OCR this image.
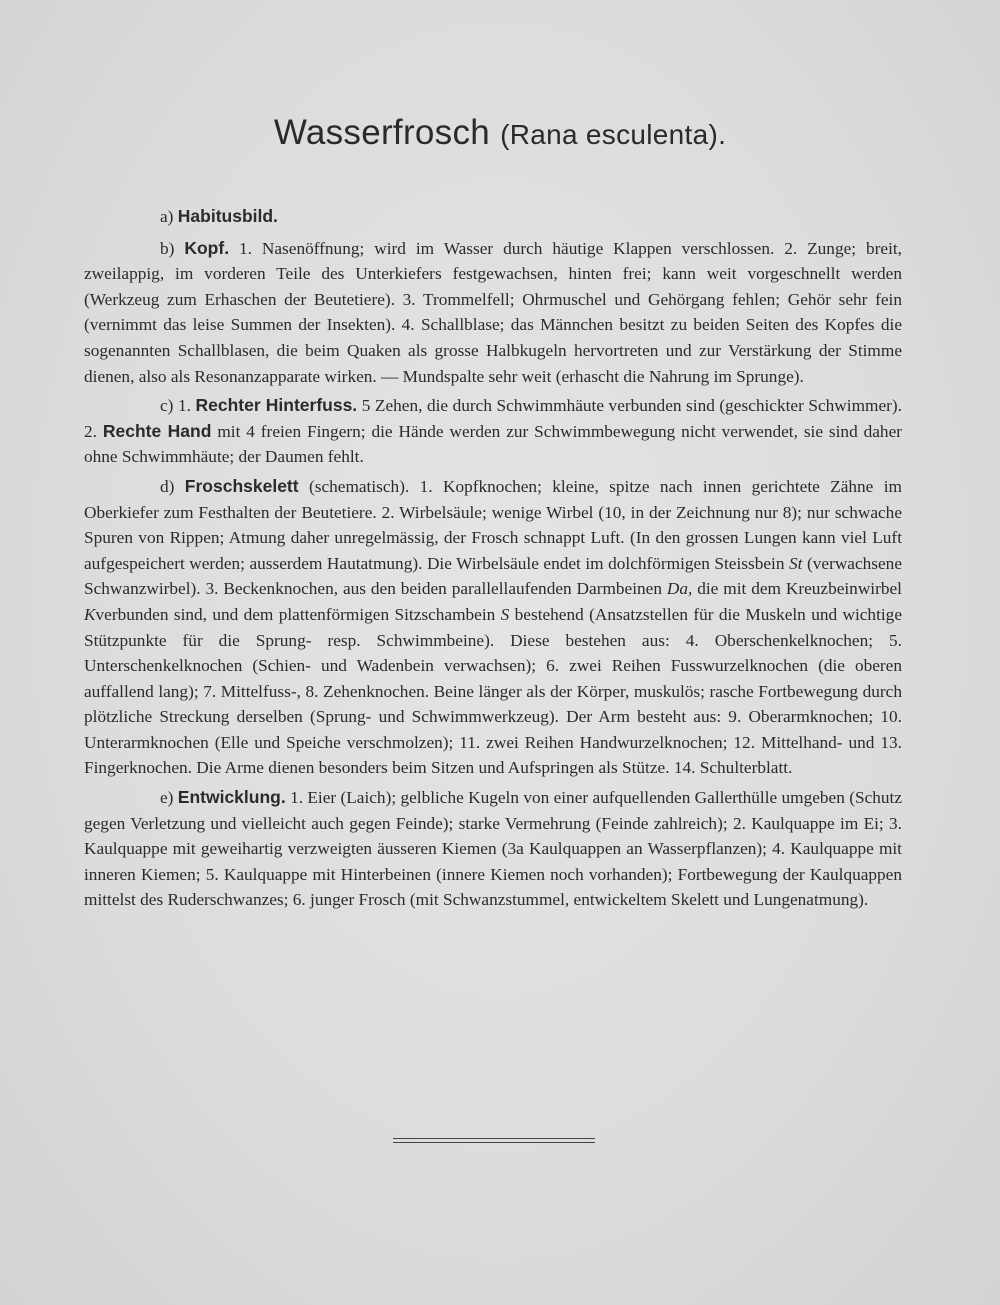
Wasserfrosch (Rana esculenta).

a) Habitusbild.

b) Kopf. 1. Nasenöffnung; wird im Wasser durch häutige Klappen verschlossen. 2. Zunge; breit, zweilappig, im vorderen Teile des Unterkiefers festgewachsen, hinten frei; kann weit vorgeschnellt werden (Werkzeug zum Erhaschen der Beutetiere). 3. Trommelfell; Ohrmuschel und Gehörgang fehlen; Gehör sehr fein (vernimmt das leise Summen der Insekten). 4. Schallblase; das Männchen besitzt zu beiden Seiten des Kopfes die sogenannten Schallblasen, die beim Quaken als grosse Halbkugeln hervortreten und zur Verstärkung der Stimme dienen, also als Resonanzapparate wirken. — Mundspalte sehr weit (erhascht die Nahrung im Sprunge).

c) 1. Rechter Hinterfuss. 5 Zehen, die durch Schwimmhäute verbunden sind (geschickter Schwimmer). 2. Rechte Hand mit 4 freien Fingern; die Hände werden zur Schwimmbewegung nicht verwendet, sie sind daher ohne Schwimmhäute; der Daumen fehlt.

d) Froschskelett (schematisch). 1. Kopfknochen; kleine, spitze nach innen gerichtete Zähne im Oberkiefer zum Festhalten der Beutetiere. 2. Wirbelsäule; wenige Wirbel (10, in der Zeichnung nur 8); nur schwache Spuren von Rippen; Atmung daher unregelmässig, der Frosch schnappt Luft. (In den grossen Lungen kann viel Luft aufgespeichert werden; ausserdem Hautatmung). Die Wirbelsäule endet im dolchförmigen Steissbein St (verwachsene Schwanzwirbel). 3. Beckenknochen, aus den beiden parallellaufenden Darmbeinen Da, die mit dem Kreuzbeinwirbel Kverbunden sind, und dem plattenförmigen Sitzschambein S bestehend (Ansatzstellen für die Muskeln und wichtige Stützpunkte für die Sprung- resp. Schwimmbeine). Diese bestehen aus: 4. Oberschenkelknochen; 5. Unterschenkelknochen (Schien- und Wadenbein verwachsen); 6. zwei Reihen Fusswurzelknochen (die oberen auffallend lang); 7. Mittelfuss-, 8. Zehenknochen. Beine länger als der Körper, muskulös; rasche Fortbewegung durch plötzliche Streckung derselben (Sprung- und Schwimmwerkzeug). Der Arm besteht aus: 9. Oberarmknochen; 10. Unterarmknochen (Elle und Speiche verschmolzen); 11. zwei Reihen Handwurzelknochen; 12. Mittelhand- und 13. Fingerknochen. Die Arme dienen besonders beim Sitzen und Aufspringen als Stütze. 14. Schulterblatt.

e) Entwicklung. 1. Eier (Laich); gelbliche Kugeln von einer aufquellenden Gallerthülle umgeben (Schutz gegen Verletzung und vielleicht auch gegen Feinde); starke Vermehrung (Feinde zahlreich); 2. Kaulquappe im Ei; 3. Kaulquappe mit geweihartig verzweigten äusseren Kiemen (3a Kaulquappen an Wasserpflanzen); 4. Kaulquappe mit inneren Kiemen; 5. Kaulquappe mit Hinterbeinen (innere Kiemen noch vorhanden); Fortbewegung der Kaulquappen mittelst des Ruderschwanzes; 6. junger Frosch (mit Schwanzstummel, entwickeltem Skelett und Lungenatmung).
